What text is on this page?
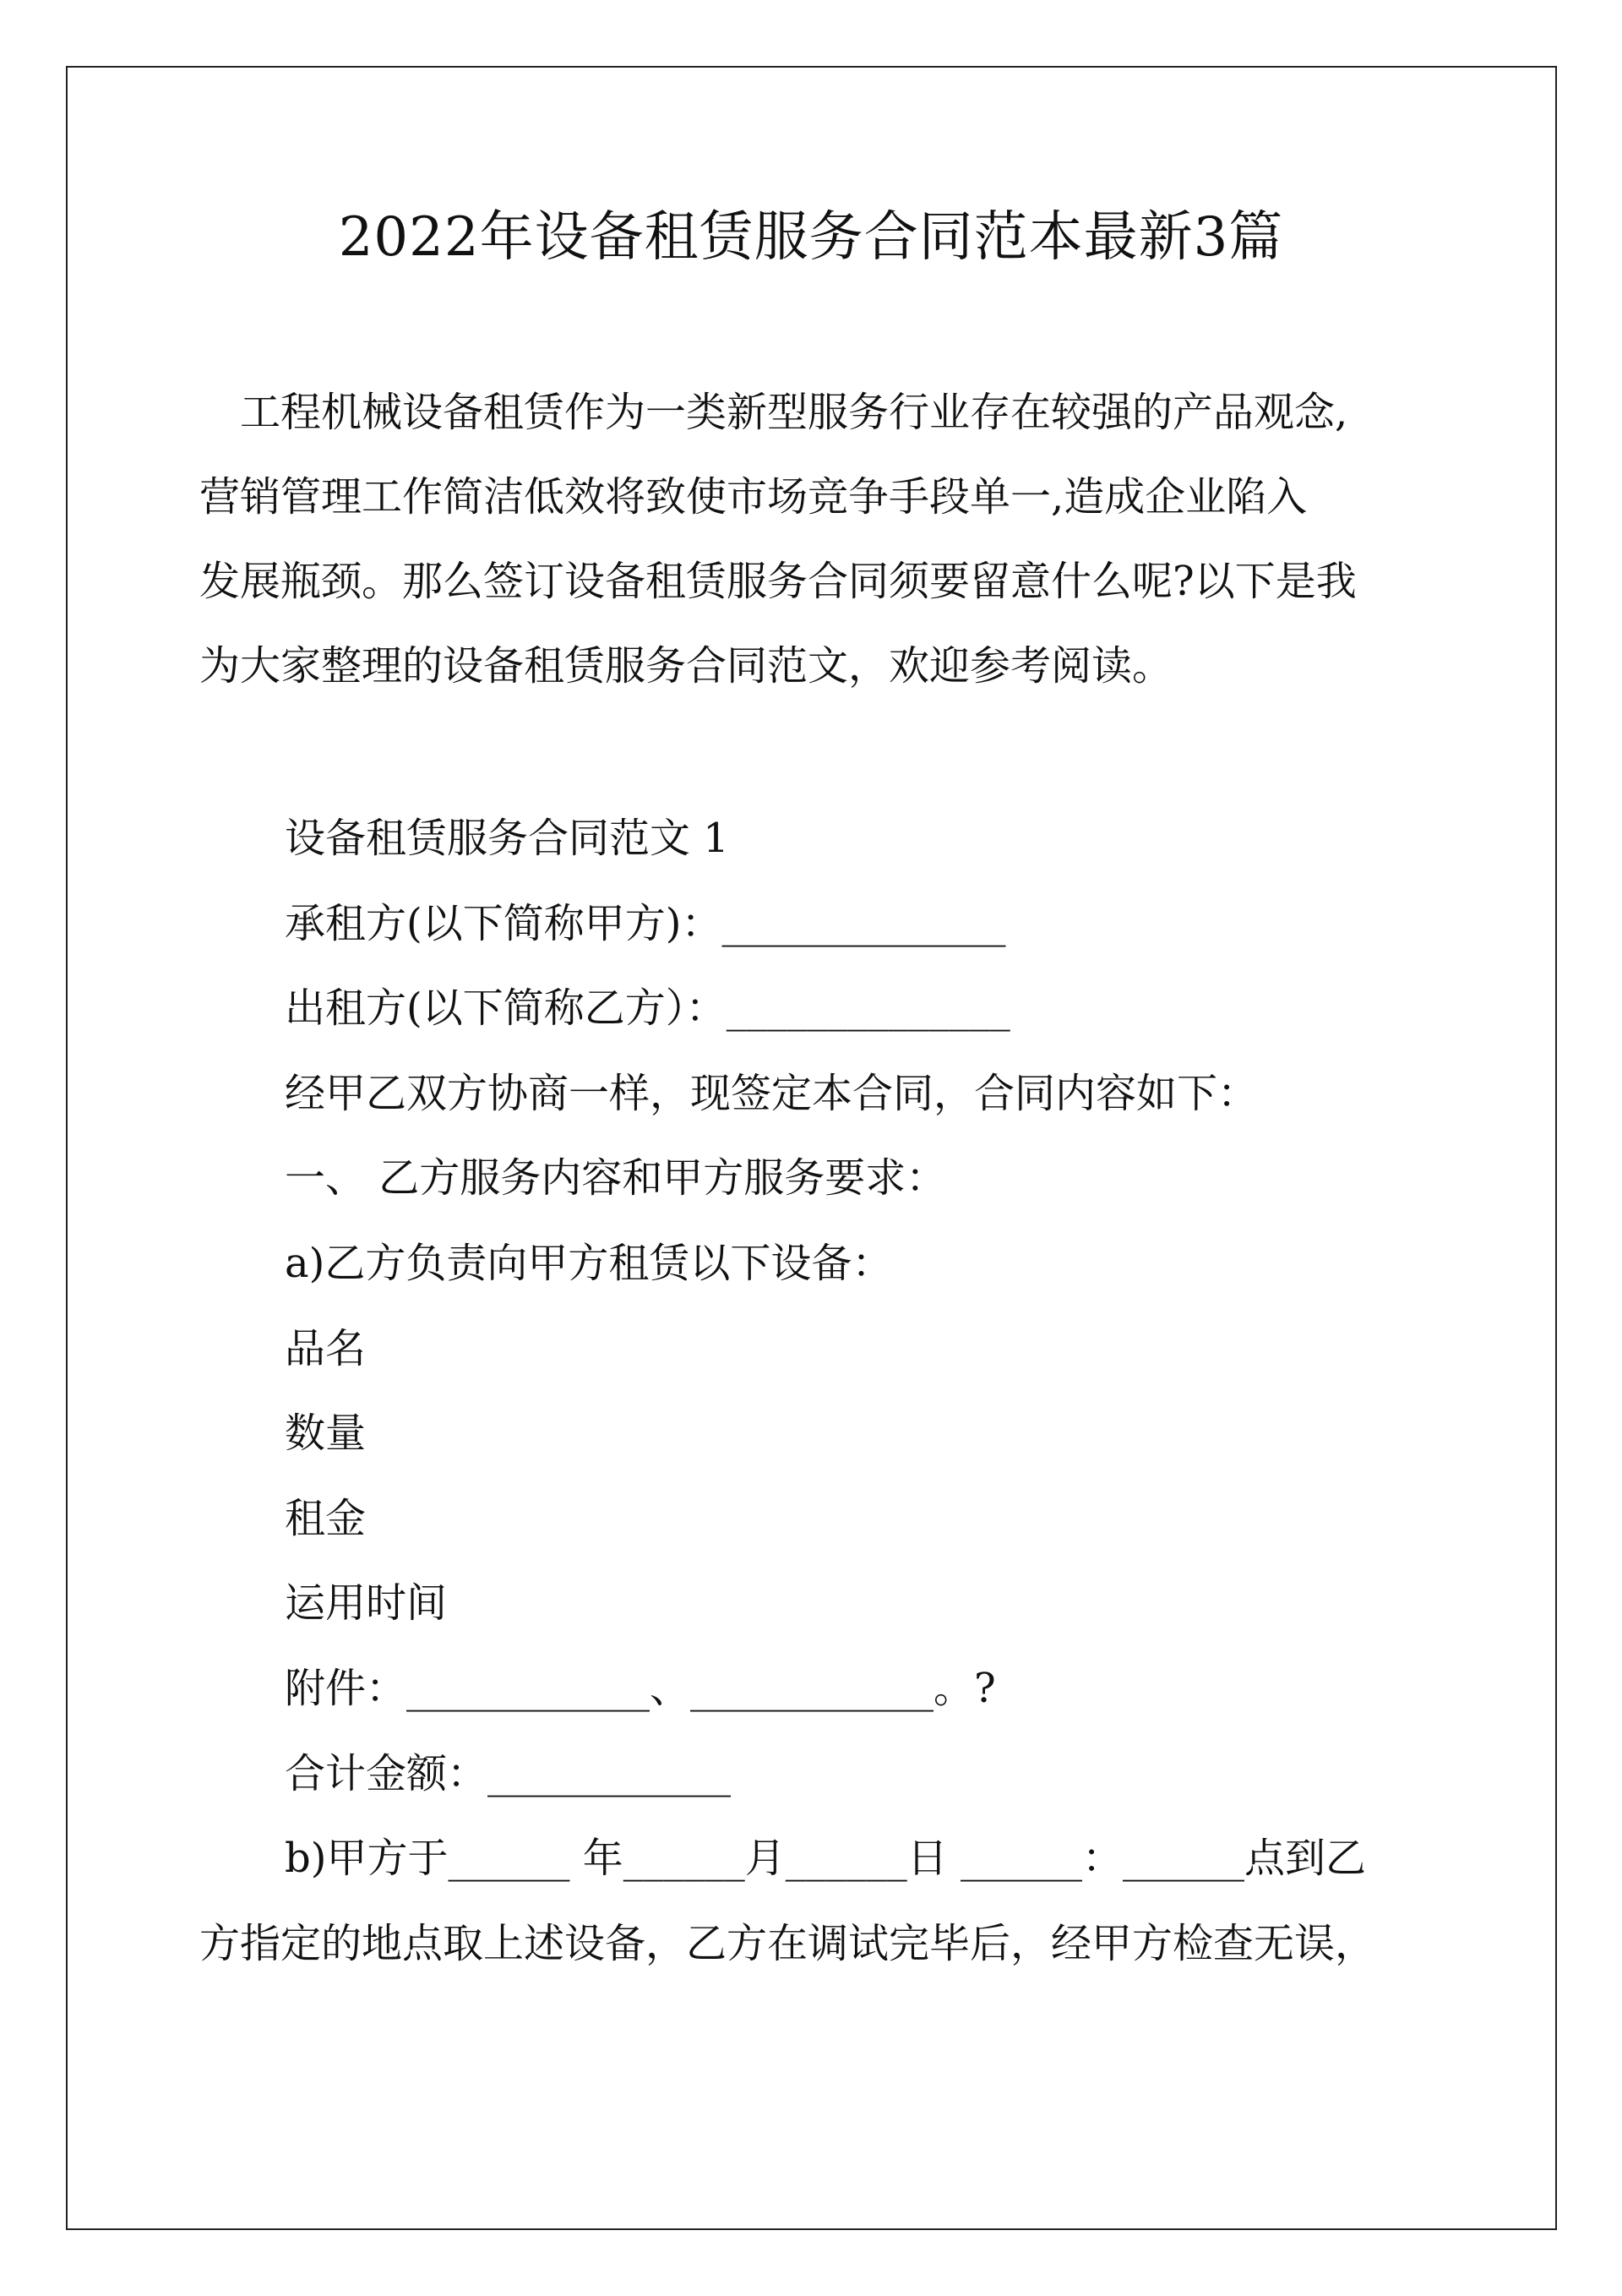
2022年设备租赁服务合同范本最新3篇

工程机械设备租赁作为一类新型服务行业存在较强的产品观念,
营销管理工作简洁低效将致使市场竞争手段单一,造成企业陷入
发展瓶颈。那么签订设备租赁服务合同须要留意什么呢?以下是我
为大家整理的设备租赁服务合同范文，欢迎参考阅读。

设备租赁服务合同范文 1
承租方(以下简称甲方)：______________
出租方(以下简称乙方）：______________
经甲乙双方协商一样，现签定本合同，合同内容如下：
一、 乙方服务内容和甲方服务要求：
a)乙方负责向甲方租赁以下设备：
品名
数量
租金
运用时间
附件：____________、____________。?
合计金额：____________
b)甲方于______ 年______月______日 ______：______点到乙
方指定的地点取上述设备，乙方在调试完毕后，经甲方检查无误，
